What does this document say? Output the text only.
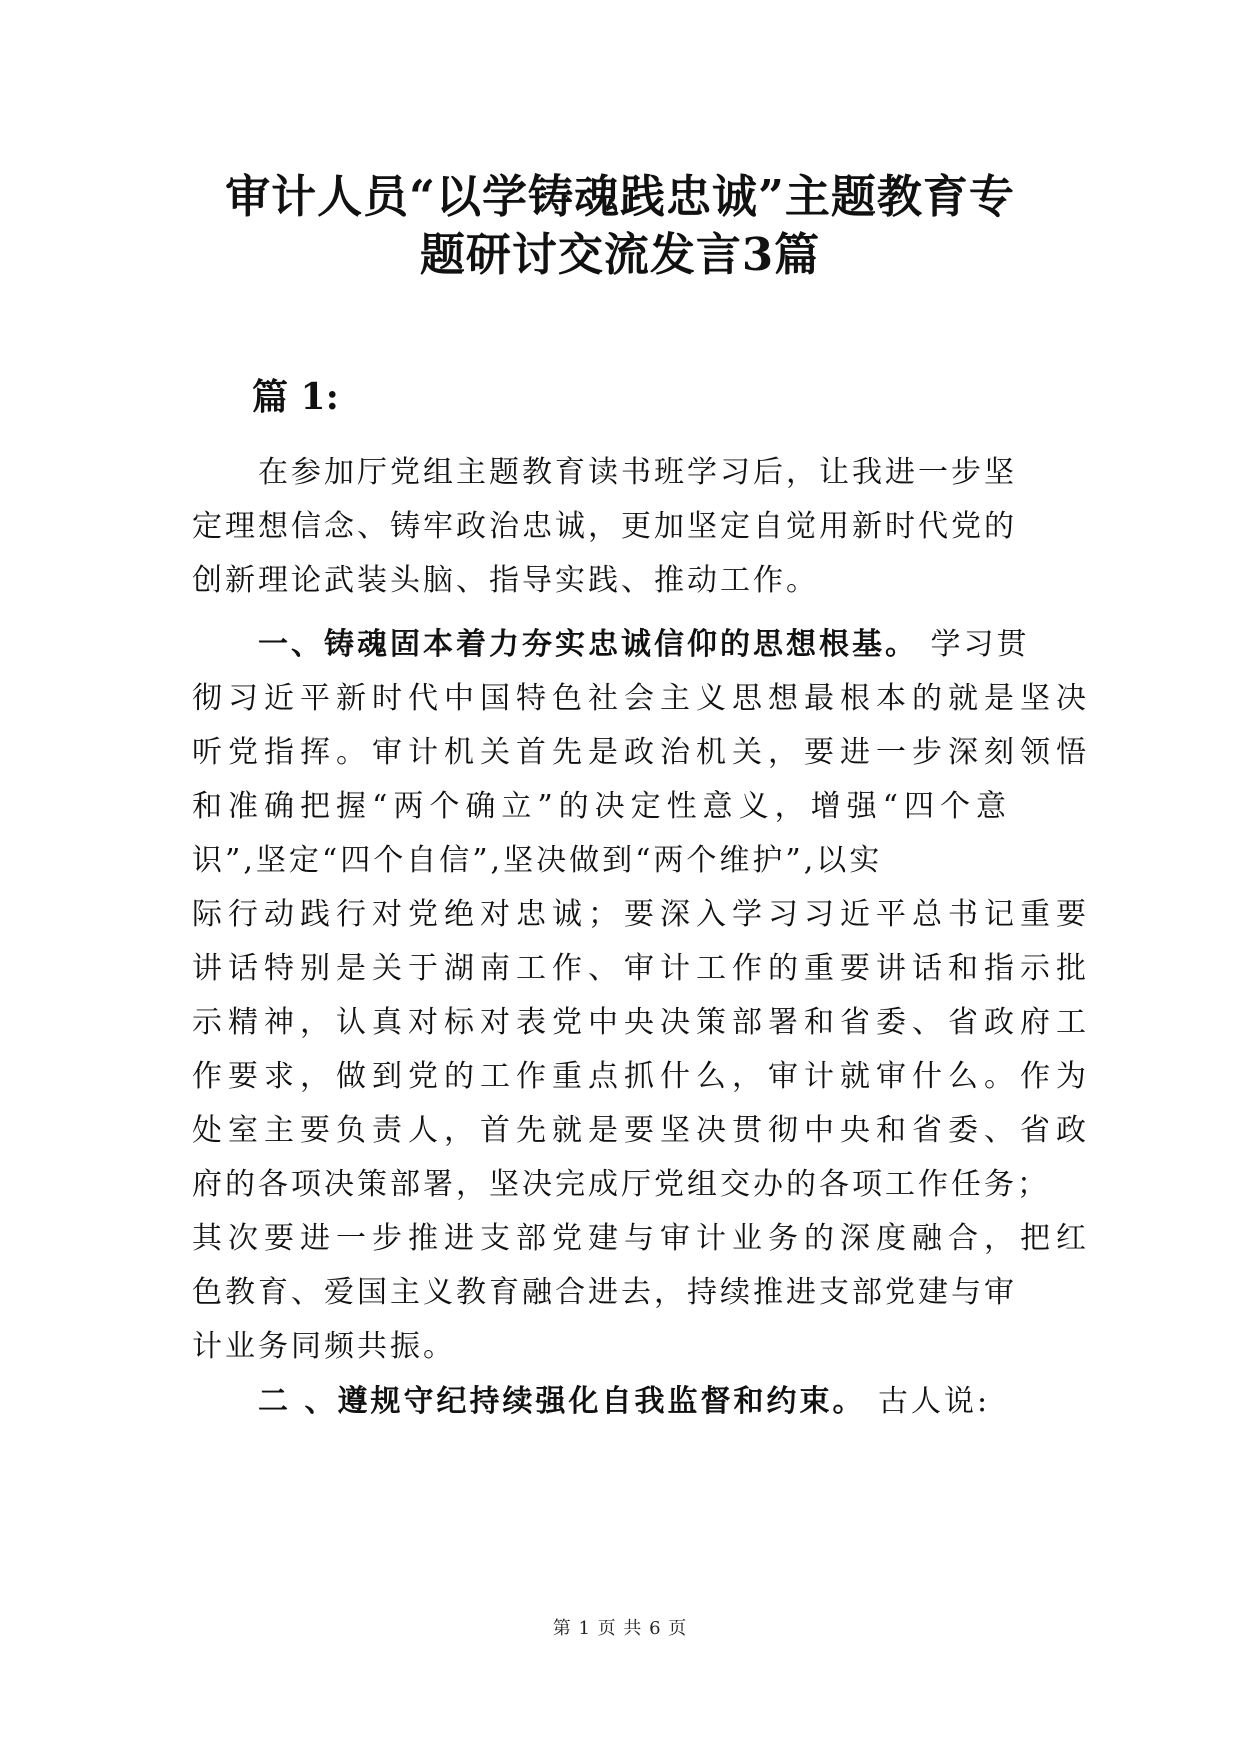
审计人员“以学铸魂践忠诚”主题教育专
题研讨交流发言3篇
篇 1:
在参加厅党组主题教育读书班学习后，让我进一步坚
定理想信念、铸牢政治忠诚，更加坚定自觉用新时代党的
创新理论武装头脑、指导实践、推动工作。
一、铸魂固本着力夯实忠诚信仰的思想根基。 学习贯
彻习近平新时代中国特色社会主义思想最根本的就是坚决
听党指挥。审计机关首先是政治机关，要进一步深刻领悟
和准确把握“两个确立”的决定性意义，增强“四个意
识”,坚定“四个自信”,坚决做到“两个维护”,以实
际行动践行对党绝对忠诚；要深入学习习近平总书记重要
讲话特别是关于湖南工作、审计工作的重要讲话和指示批
示精神，认真对标对表党中央决策部署和省委、省政府工
作要求，做到党的工作重点抓什么，审计就审什么。作为
处室主要负责人，首先就是要坚决贯彻中央和省委、省政
府的各项决策部署，坚决完成厅党组交办的各项工作任务；
其次要进一步推进支部党建与审计业务的深度融合，把红
色教育、爱国主义教育融合进去，持续推进支部党建与审
计业务同频共振。
二 、遵规守纪持续强化自我监督和约束。 古人说:
第 1 页 共 6 页
